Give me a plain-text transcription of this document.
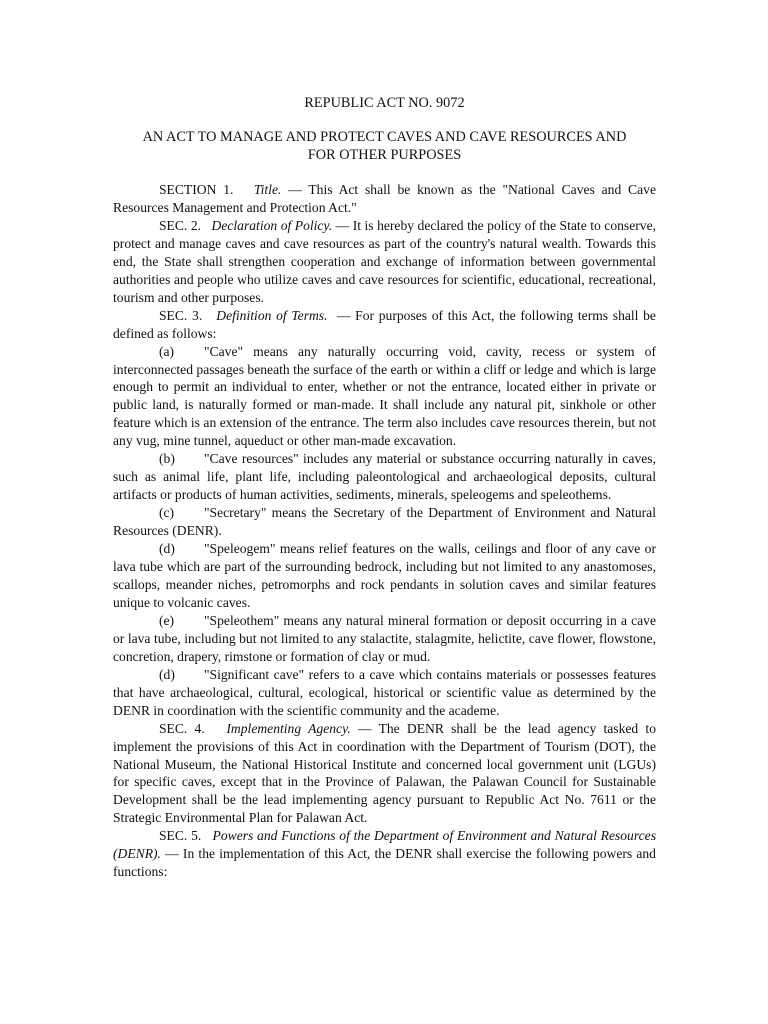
REPUBLIC ACT NO. 9072

AN ACT TO MANAGE AND PROTECT CAVES AND CAVE RESOURCES AND
FOR OTHER PURPOSES

SECTION 1. Title. — This Act shall be known as the "National Caves and Cave Resources Management and Protection Act."

SEC. 2. Declaration of Policy. — It is hereby declared the policy of the State to conserve, protect and manage caves and cave resources as part of the country's natural wealth. Towards this end, the State shall strengthen cooperation and exchange of information between governmental authorities and people who utilize caves and cave resources for scientific, educational, recreational, tourism and other purposes.

SEC. 3. Definition of Terms. — For purposes of this Act, the following terms shall be defined as follows:

(a) "Cave" means any naturally occurring void, cavity, recess or system of interconnected passages beneath the surface of the earth or within a cliff or ledge and which is large enough to permit an individual to enter, whether or not the entrance, located either in private or public land, is naturally formed or man-made. It shall include any natural pit, sinkhole or other feature which is an extension of the entrance. The term also includes cave resources therein, but not any vug, mine tunnel, aqueduct or other man-made excavation.

(b) "Cave resources" includes any material or substance occurring naturally in caves, such as animal life, plant life, including paleontological and archaeological deposits, cultural artifacts or products of human activities, sediments, minerals, speleogems and speleothems.

(c) "Secretary" means the Secretary of the Department of Environment and Natural Resources (DENR).

(d) "Speleogem" means relief features on the walls, ceilings and floor of any cave or lava tube which are part of the surrounding bedrock, including but not limited to any anastomoses, scallops, meander niches, petromorphs and rock pendants in solution caves and similar features unique to volcanic caves.

(e) "Speleothem" means any natural mineral formation or deposit occurring in a cave or lava tube, including but not limited to any stalactite, stalagmite, helictite, cave flower, flowstone, concretion, drapery, rimstone or formation of clay or mud.

(d) "Significant cave" refers to a cave which contains materials or possesses features that have archaeological, cultural, ecological, historical or scientific value as determined by the DENR in coordination with the scientific community and the academe.

SEC. 4. Implementing Agency. — The DENR shall be the lead agency tasked to implement the provisions of this Act in coordination with the Department of Tourism (DOT), the National Museum, the National Historical Institute and concerned local government unit (LGUs) for specific caves, except that in the Province of Palawan, the Palawan Council for Sustainable Development shall be the lead implementing agency pursuant to Republic Act No. 7611 or the Strategic Environmental Plan for Palawan Act.

SEC. 5. Powers and Functions of the Department of Environment and Natural Resources (DENR). — In the implementation of this Act, the DENR shall exercise the following powers and functions:
